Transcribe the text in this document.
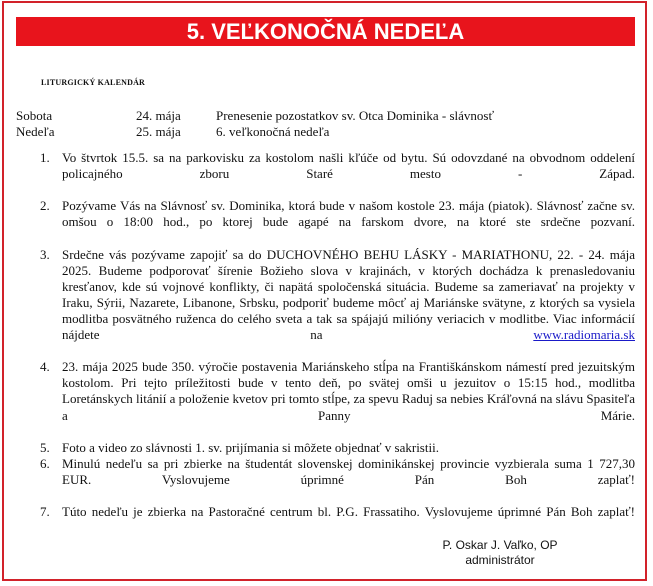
5. VEĽKONOČNÁ NEDEĽA
LITURGICKÝ KALENDÁR
Sobota	24. mája	Prenesenie pozostatkov sv. Otca Dominika - slávnosť
Nedeľa	25. mája	6. veľkonočná nedeľa
1. Vo štvrtok 15.5. sa na parkovisku za kostolom našli kľúče od bytu. Sú odovzdané na obvodnom oddelení policajného zboru Staré mesto - Západ.
2. Pozývame Vás na Slávnosť sv. Dominika, ktorá bude v našom kostole 23. mája (piatok). Slávnosť začne sv. omšou o 18:00 hod., po ktorej bude agapé na farskom dvore, na ktoré ste srdečne pozvaní.
3. Srdečne vás pozývame zapojiť sa do DUCHOVNÉHO BEHU LÁSKY - MARIATHONU, 22. - 24. mája 2025. Budeme podporovať šírenie Božieho slova v krajinách, v ktorých dochádza k prenasledovaniu kresťanov, kde sú vojnové konflikty, či napätá spoločenská situácia. Budeme sa zameriavať na projekty v Iraku, Sýrii, Nazarete, Libanone, Srbsku, podporiť budeme môcť aj Mariánske svätyne, z ktorých sa vysiela modlitba posvätného ruženca do celého sveta a tak sa spájajú milióny veriacich v modlitbe. Viac informácií nájdete na	www.radiomaria.sk
4. 23. mája 2025 bude 350. výročie postavenia Mariánskeho stĺpa na Františkánskom námestí pred jezuitským kostolom. Pri tejto príležitosti bude v tento deň, po svätej omši u jezuitov o 15:15 hod., modlitba Loretánskych litánií a položenie kvetov pri tomto stĺpe, za spevu Raduj sa nebies Kráľovná na slávu Spasiteľa a Panny Márie.
5. Foto a video zo slávnosti 1. sv. prijímania si môžete objednať v sakristii.
6. Minulú nedeľu sa pri zbierke na študentát slovenskej dominikánskej provincie vyzbierala suma 1 727,30 EUR. Vyslovujeme úprimné Pán Boh zaplať!
7. Túto nedeľu je zbierka na Pastoračné centrum bl. P.G. Frassatiho. Vyslovujeme úprimné Pán Boh zaplať!
P. Oskar J. Vaľko, OP
administrátor
